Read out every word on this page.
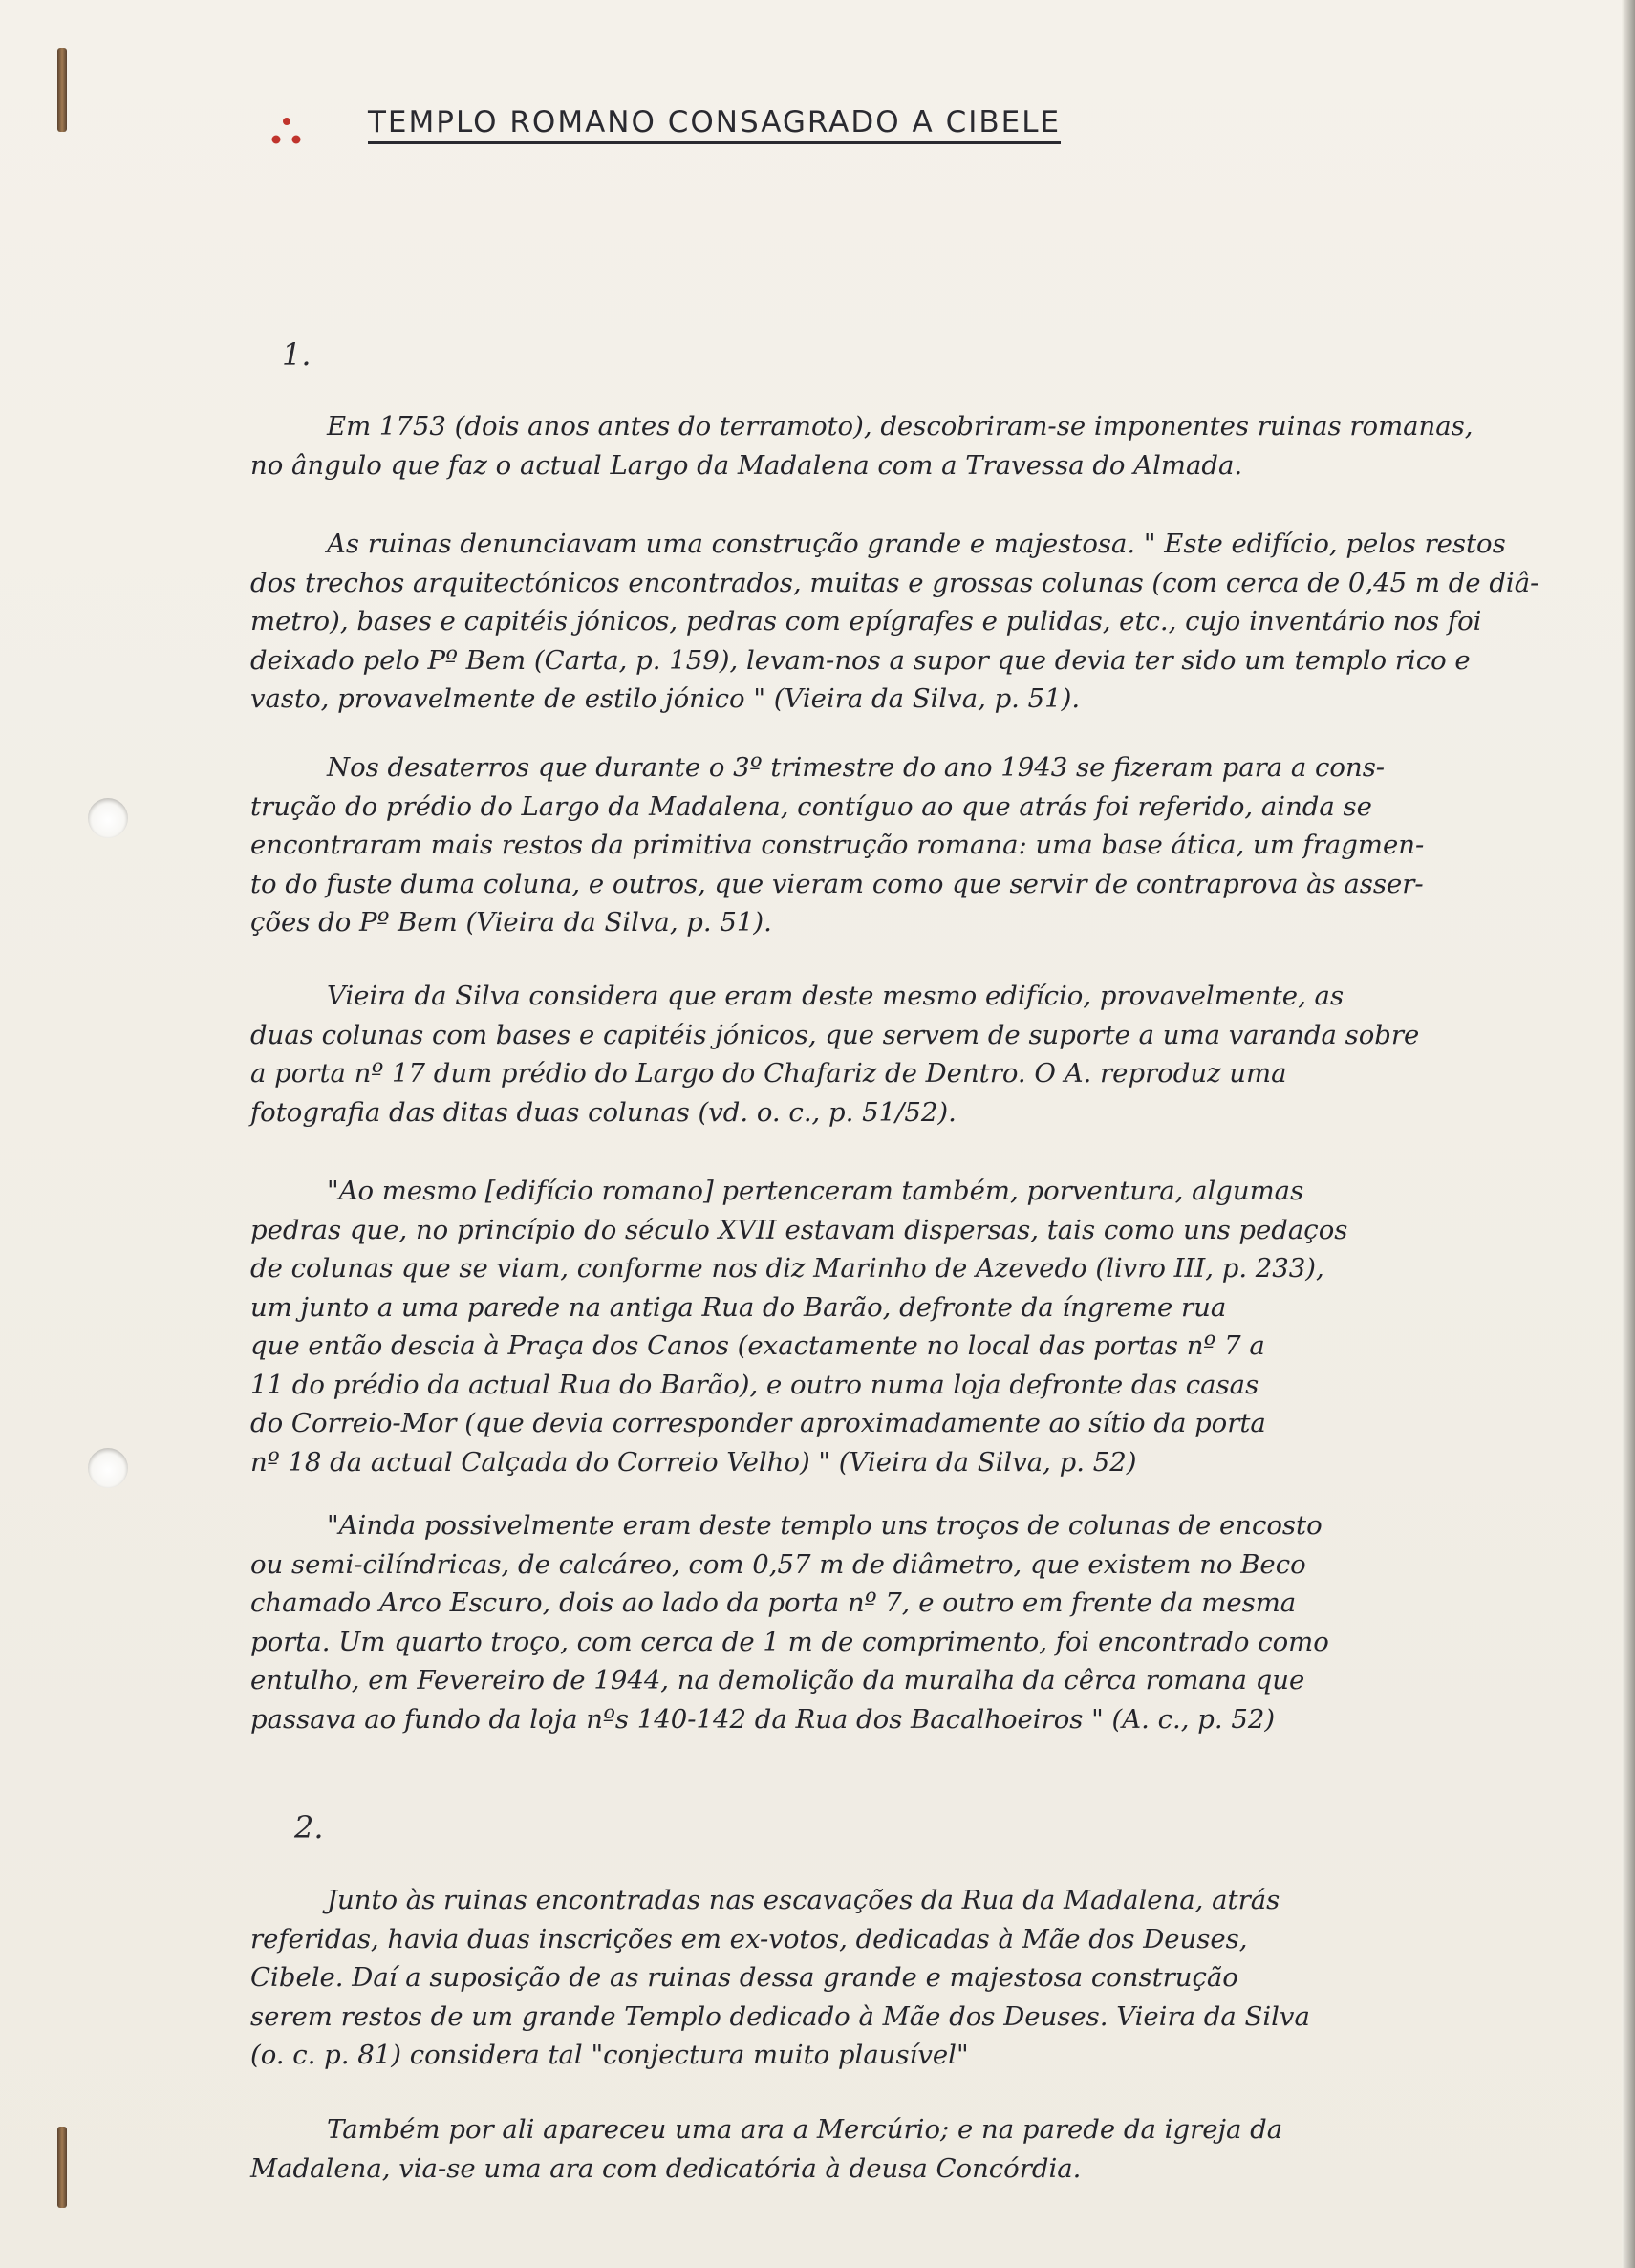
TEMPLO ROMANO CONSAGRADO A CIBELE
1.
Em 1753 (dois anos antes do terramoto), descobriram-se imponentes ruinas romanas,
no ângulo que faz o actual Largo da Madalena com a Travessa do Almada.
As ruinas denunciavam uma construção grande e majestosa. " Este edifício, pelos restos
dos trechos arquitectónicos encontrados, muitas e grossas colunas (com cerca de 0,45 m de diâ-
metro), bases e capitéis jónicos, pedras com epígrafes e pulidas, etc., cujo inventário nos foi
deixado pelo Pº Bem (Carta, p. 159), levam-nos a supor que devia ter sido um templo rico e
vasto, provavelmente de estilo jónico " (Vieira da Silva, p. 51).
Nos desaterros que durante o 3º trimestre do ano 1943 se fizeram para a cons-
trução do prédio do Largo da Madalena, contíguo ao que atrás foi referido, ainda se
encontraram mais restos da primitiva construção romana: uma base ática, um fragmen-
to do fuste duma coluna, e outros, que vieram como que servir de contraprova às asser-
ções do Pº Bem (Vieira da Silva, p. 51).
Vieira da Silva considera que eram deste mesmo edifício, provavelmente, as
duas colunas com bases e capitéis jónicos, que servem de suporte a uma varanda sobre
a porta nº 17 dum prédio do Largo do Chafariz de Dentro. O A. reproduz uma
fotografia das ditas duas colunas (vd. o. c., p. 51/52).
"Ao mesmo [edifício romano] pertenceram também, porventura, algumas
pedras que, no princípio do século XVII estavam dispersas, tais como uns pedaços
de colunas que se viam, conforme nos diz Marinho de Azevedo (livro III, p. 233),
um junto a uma parede na antiga Rua do Barão, defronte da íngreme rua
que então descia à Praça dos Canos (exactamente no local das portas nº 7 a
11 do prédio da actual Rua do Barão), e outro numa loja defronte das casas
do Correio-Mor (que devia corresponder aproximadamente ao sítio da porta
nº 18 da actual Calçada do Correio Velho) " (Vieira da Silva, p. 52)
"Ainda possivelmente eram deste templo uns troços de colunas de encosto
ou semi-cilíndricas, de calcáreo, com 0,57 m de diâmetro, que existem no Beco
chamado Arco Escuro, dois ao lado da porta nº 7, e outro em frente da mesma
porta. Um quarto troço, com cerca de 1 m de comprimento, foi encontrado como
entulho, em Fevereiro de 1944, na demolição da muralha da cêrca romana que
passava ao fundo da loja nºs 140-142 da Rua dos Bacalhoeiros " (A. c., p. 52)
2.
Junto às ruinas encontradas nas escavações da Rua da Madalena, atrás
referidas, havia duas inscrições em ex-votos, dedicadas à Mãe dos Deuses,
Cibele. Daí a suposição de as ruinas dessa grande e majestosa construção
serem restos de um grande Templo dedicado à Mãe dos Deuses. Vieira da Silva
(o. c. p. 81) considera tal "conjectura muito plausível"
Também por ali apareceu uma ara a Mercúrio; e na parede da igreja da
Madalena, via-se uma ara com dedicatória à deusa Concórdia.
